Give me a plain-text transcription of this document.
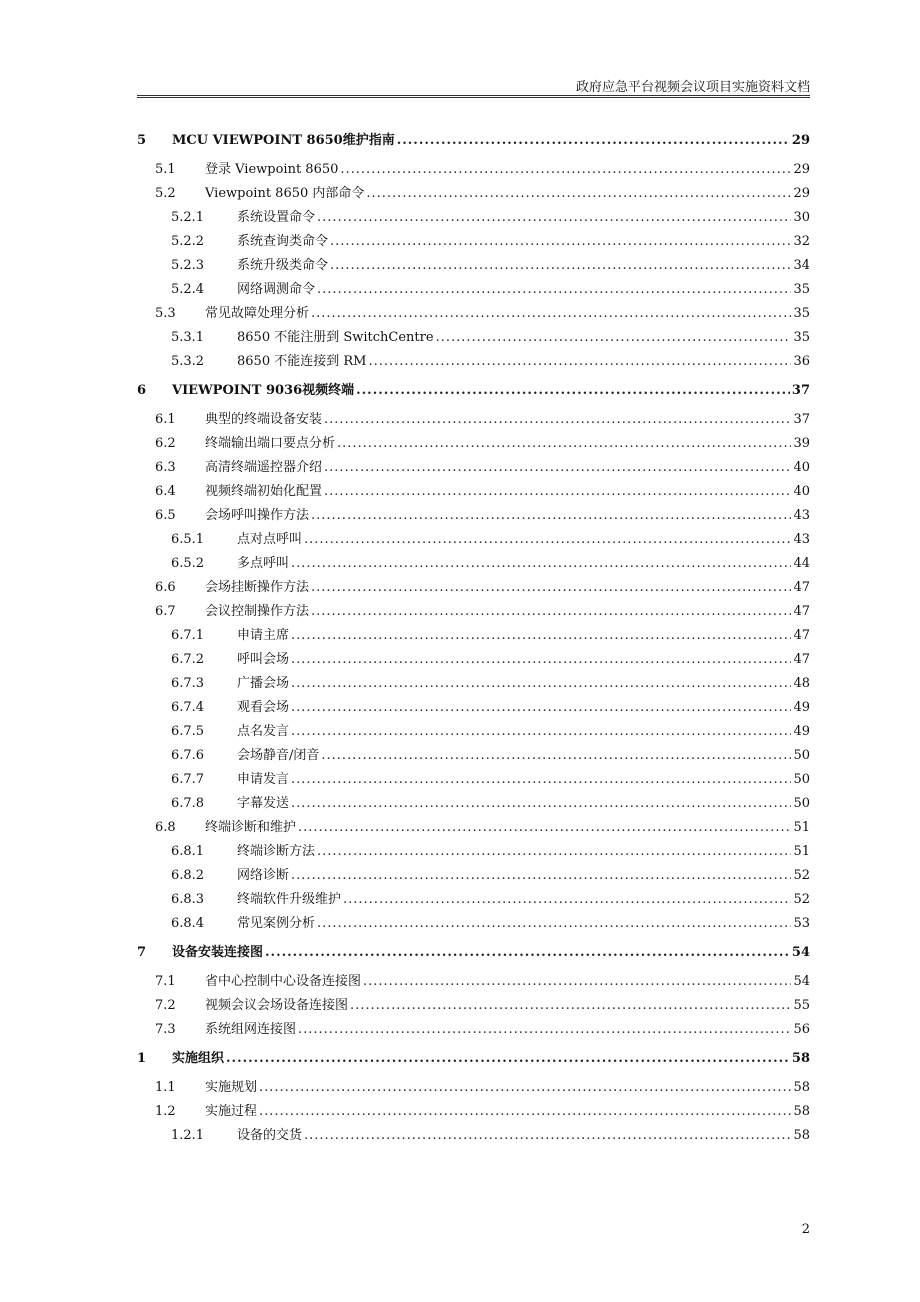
政府应急平台视频会议项目实施资料文档
5	MCU VIEWPOINT 8650维护指南 .....	29
5.1	登录 Viewpoint 8650 .....	29
5.2	Viewpoint 8650 内部命令 .....	29
5.2.1	系统设置命令 .....	30
5.2.2	系统查询类命令 .....	32
5.2.3	系统升级类命令 .....	34
5.2.4	网络调测命令 .....	35
5.3	常见故障处理分析 .....	35
5.3.1	8650 不能注册到 SwitchCentre .....	35
5.3.2	8650 不能连接到 RM .....	36
6	VIEWPOINT 9036视频终端 .....	37
6.1	典型的终端设备安装 .....	37
6.2	终端输出端口要点分析 .....	39
6.3	高清终端遥控器介绍 .....	40
6.4	视频终端初始化配置 .....	40
6.5	会场呼叫操作方法 .....	43
6.5.1	点对点呼叫 .....	43
6.5.2	多点呼叫 .....	44
6.6	会场挂断操作方法 .....	47
6.7	会议控制操作方法 .....	47
6.7.1	申请主席 .....	47
6.7.2	呼叫会场 .....	47
6.7.3	广播会场 .....	48
6.7.4	观看会场 .....	49
6.7.5	点名发言 .....	49
6.7.6	会场静音/闭音 .....	50
6.7.7	申请发言 .....	50
6.7.8	字幕发送 .....	50
6.8	终端诊断和维护 .....	51
6.8.1	终端诊断方法 .....	51
6.8.2	网络诊断 .....	52
6.8.3	终端软件升级维护 .....	52
6.8.4	常见案例分析 .....	53
7	设备安装连接图 .....	54
7.1	省中心控制中心设备连接图 .....	54
7.2	视频会议会场设备连接图 .....	55
7.3	系统组网连接图 .....	56
1	实施组织 .....	58
1.1	实施规划 .....	58
1.2	实施过程 .....	58
1.2.1	设备的交货 .....	58
2
